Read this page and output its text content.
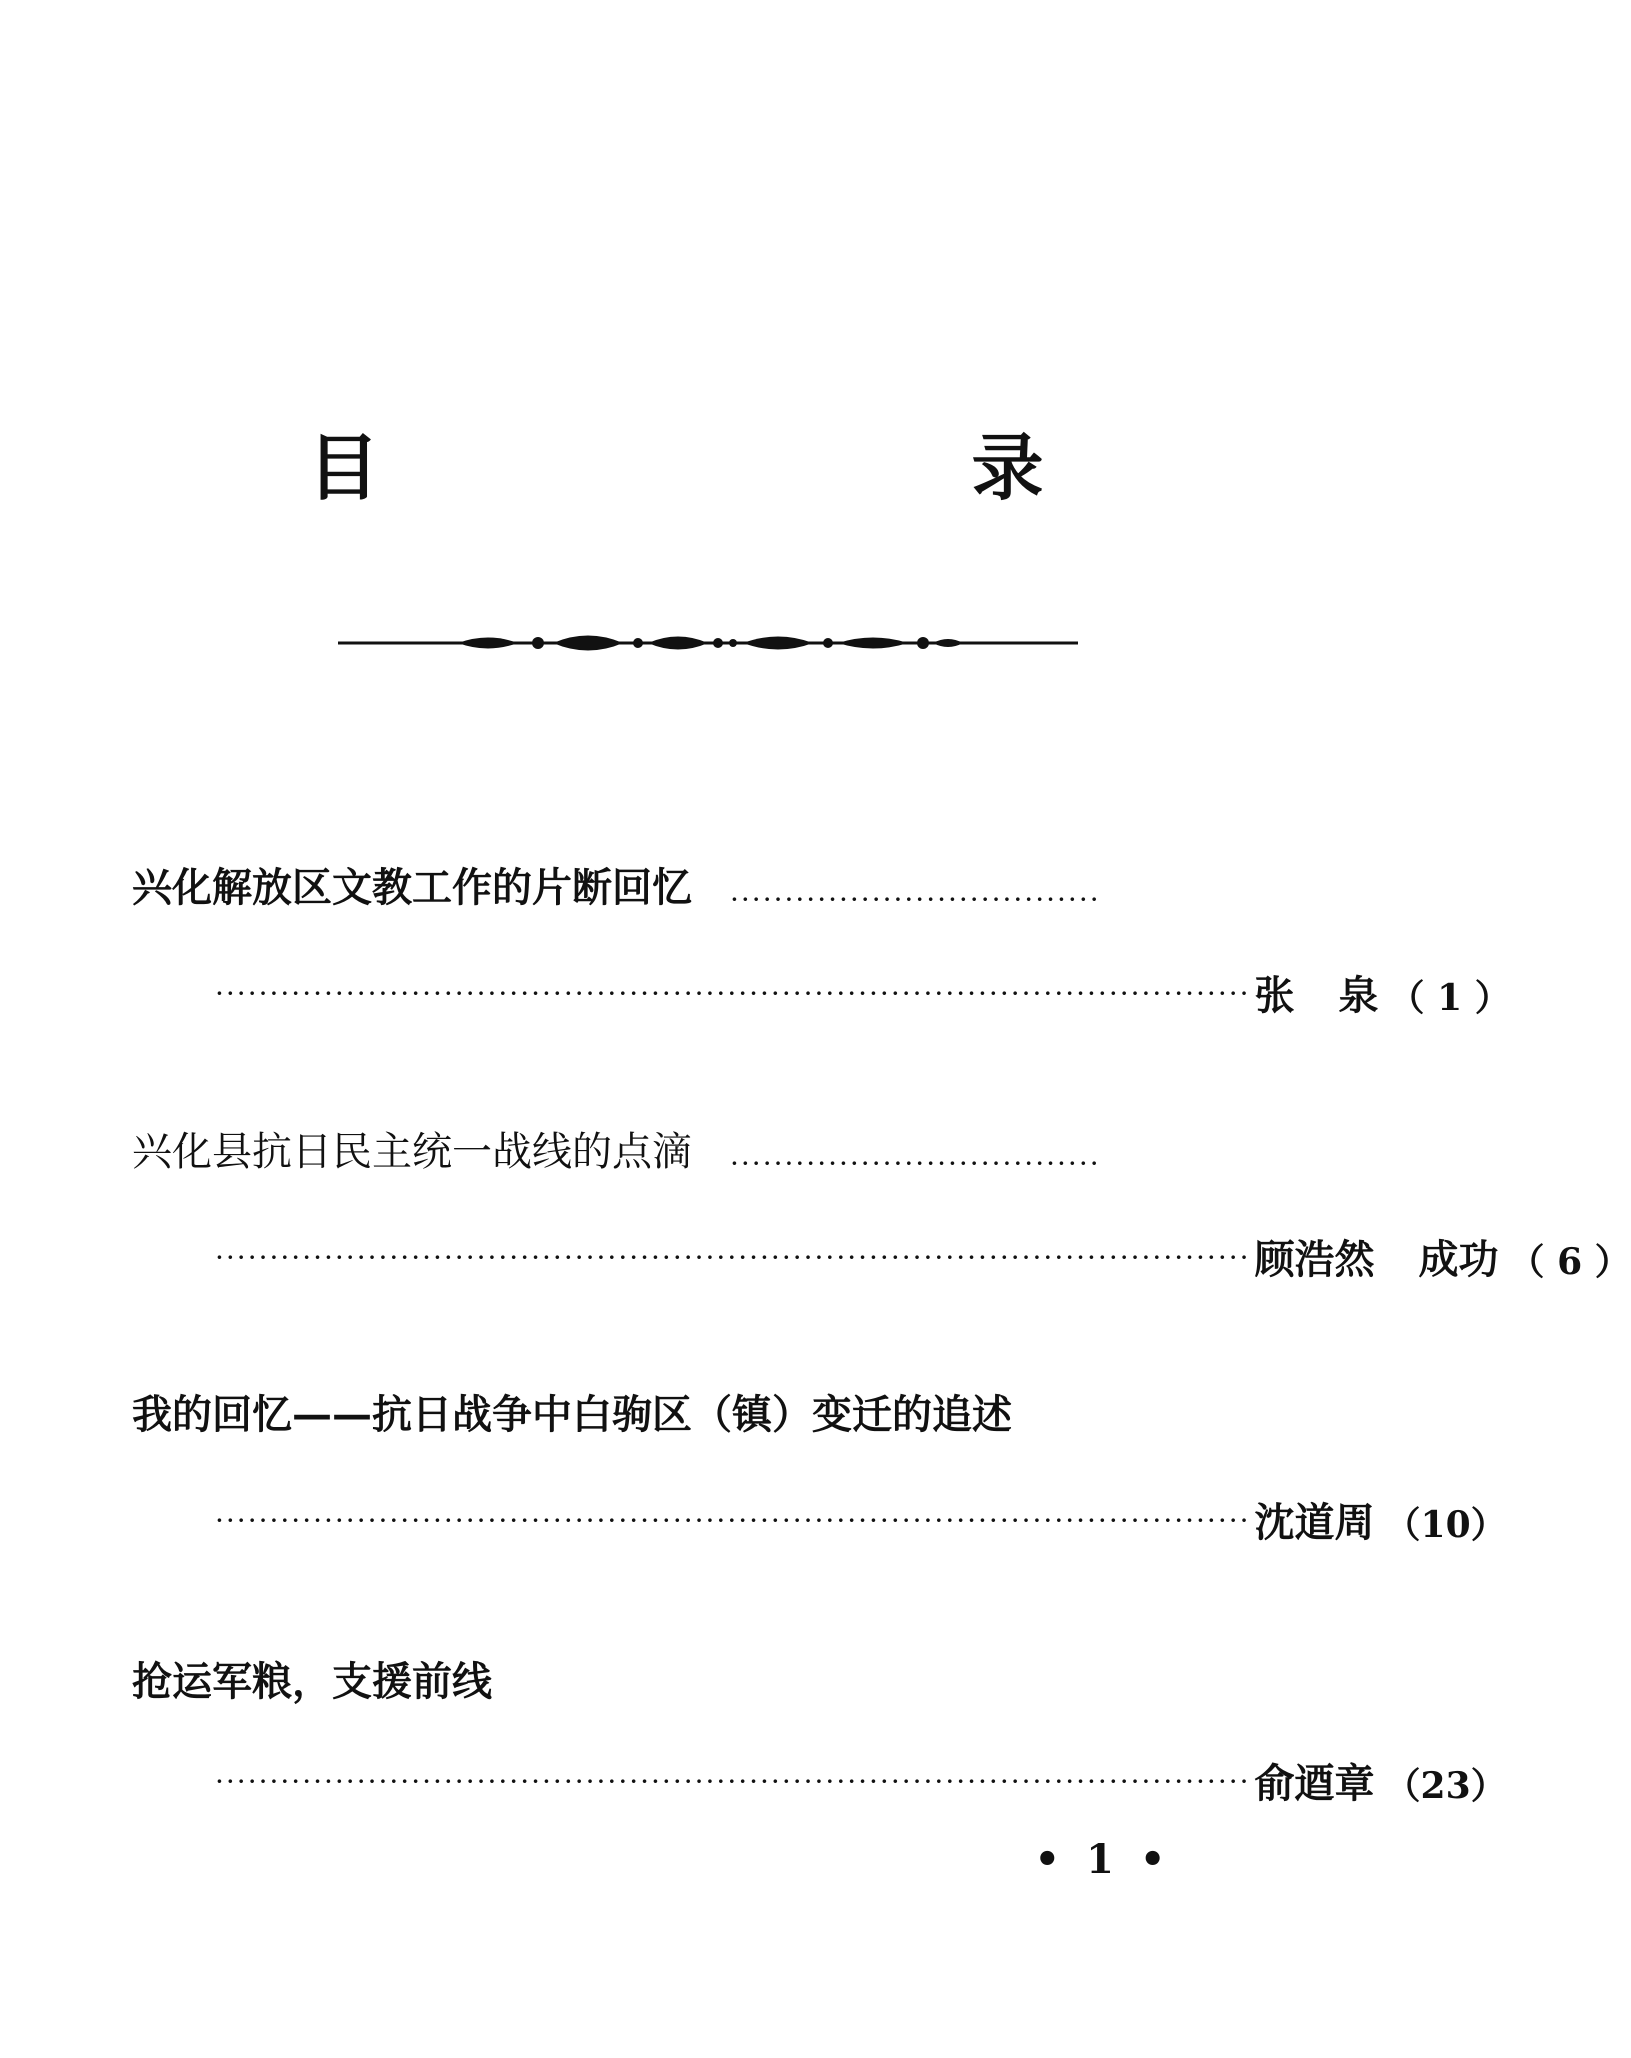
目　录
兴化解放区文教工作的片断回忆 ··································
······························································································· 张 泉 （ 1 ）
兴化县抗日民主统一战线的点滴 ··································
······························································································· 顾浩然 成功 （ 6 ）
我的回忆——抗日战争中白驹区（镇）变迁的追述
······························································································· 沈道周 （10）
抢运军粮，支援前线
······························································································· 俞逎章 （23）
• 1 •
